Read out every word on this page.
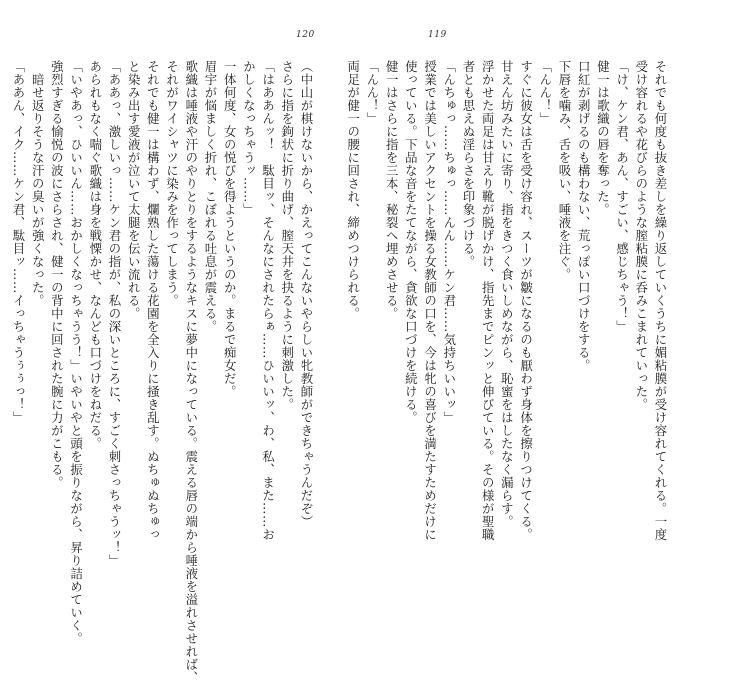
120	119
（中山が棋けないから、かえってこんないやらしい牝教師ができちゃうんだぞ）
さらに指を鉤状に折り曲げ、膣天井を抉るように刺激した。
「はああんッ！　駄目ッ、そんなにされたらぁ……ひいいッ、わ、私、また……お
かしくなっちゃうッ……」
一体何度、女の悦びを得ようというのか。まるで痴女だ。
眉宇が悩ましく折れ、こぼれる吐息が震える。
歌織は唾液や汗のやりとりをするようなキスに夢中になっている。震える唇の端から唾液を溢れさせれば、
それがワイシャツに染みを作ってしまう。
それでも健一は構わず、爛熟した蕩ける花園を全入りに掻き乱す。ぬちゅぬちゅっ
と染み出す愛液が泣いて太腿を伝い流れる。
「ああっ、激しいっ……ケン君の指が、私の深いところに、すごく刺さっちゃうッ！」
あられもなく喘ぐ歌織は身を戦慄かせ、なんども口づけをねだる。
「いやあっ、ひいいん……おかしくなっちゃうう！」いやいやと頭を振りながら、昇り詰めていく。
強烈すぎる愉悦の波にさらされ、健一の背中に回された腕に力がこもる。
　暗せ返りそうな汗の臭いが強くなった。
「ああん、イク……ケン君、駄目ッ……イっちゃうぅぅっ！」	それでも何度も抜き差しを繰り返していくうちに媚粘膜が受け容れてくれる。一度
受け容れるや花びらのような膣粘膜に呑みこまれていった。
「け、ケン君、あん、すごい、感じちゃう！」
健一は歌織の唇を奪った。
口紅が剥げるのも構わない、荒っぽい口づけをする。
下唇を噛み、舌を吸い、唾液を注ぐ。
「んん！」
すぐに彼女は舌を受け容れ、スーツが皺になるのも厭わず身体を擦りつけてくる。
甘えん坊みたいに寄り、指をきつく食いしめながら、恥蜜をはしたなく漏らす。
浮かせた両足は甘えり靴が脱げかけ、指先までピンッと伸びている。その様が聖職
者とも思えぬ淫らさを印象づける。
「んちゅっ……ちゅっ……んん……ケン君……気持ちいいッ」
授業では美しいアクセントを操る女教師の口を、今は牝の喜びを満たすためだけに
使っている。下品な音をたてながら、貪欲な口づけを続ける。
健一はさらに指を三本、秘裂へ埋めさせる。
「んん！」
両足が健一の腰に回され、締めつけられる。
